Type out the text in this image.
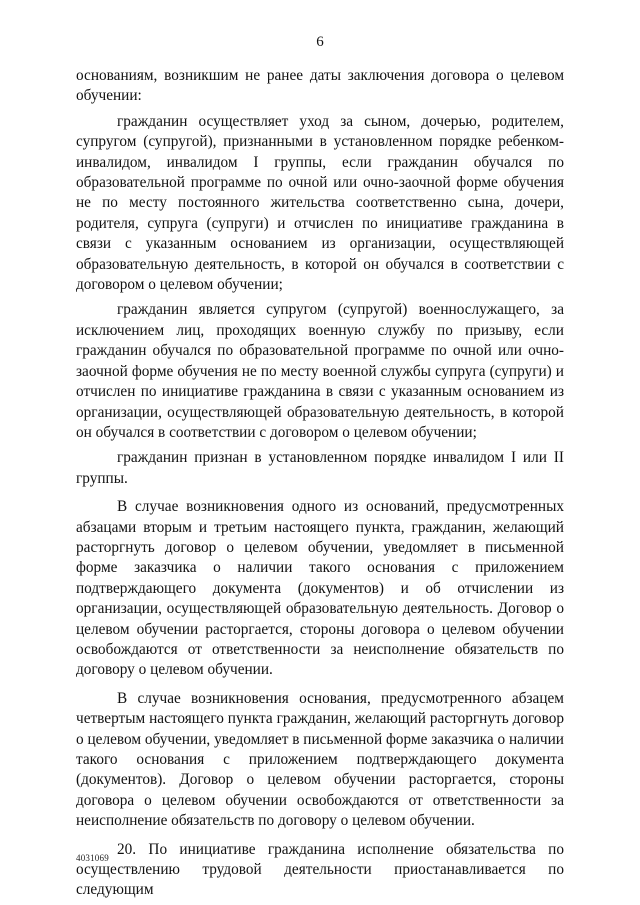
6

основаниям, возникшим не ранее даты заключения договора о целевом обучении:

гражданин осуществляет уход за сыном, дочерью, родителем, супругом (супругой), признанными в установленном порядке ребенком-инвалидом, инвалидом I группы, если гражданин обучался по образовательной программе по очной или очно-заочной форме обучения не по месту постоянного жительства соответственно сына, дочери, родителя, супруга (супруги) и отчислен по инициативе гражданина в связи с указанным основанием из организации, осуществляющей образовательную деятельность, в которой он обучался в соответствии с договором о целевом обучении;

гражданин является супругом (супругой) военнослужащего, за исключением лиц, проходящих военную службу по призыву, если гражданин обучался по образовательной программе по очной или очно-заочной форме обучения не по месту военной службы супруга (супруги) и отчислен по инициативе гражданина в связи с указанным основанием из организации, осуществляющей образовательную деятельность, в которой он обучался в соответствии с договором о целевом обучении;

гражданин признан в установленном порядке инвалидом I или II группы.

В случае возникновения одного из оснований, предусмотренных абзацами вторым и третьим настоящего пункта, гражданин, желающий расторгнуть договор о целевом обучении, уведомляет в письменной форме заказчика о наличии такого основания с приложением подтверждающего документа (документов) и об отчислении из организации, осуществляющей образовательную деятельность. Договор о целевом обучении расторгается, стороны договора о целевом обучении освобождаются от ответственности за неисполнение обязательств по договору о целевом обучении.

В случае возникновения основания, предусмотренного абзацем четвертым настоящего пункта гражданин, желающий расторгнуть договор о целевом обучении, уведомляет в письменной форме заказчика о наличии такого основания с приложением подтверждающего документа (документов). Договор о целевом обучении расторгается, стороны договора о целевом обучении освобождаются от ответственности за неисполнение обязательств по договору о целевом обучении.

20. По инициативе гражданина исполнение обязательства по осуществлению трудовой деятельности приостанавливается по следующим

4031069
